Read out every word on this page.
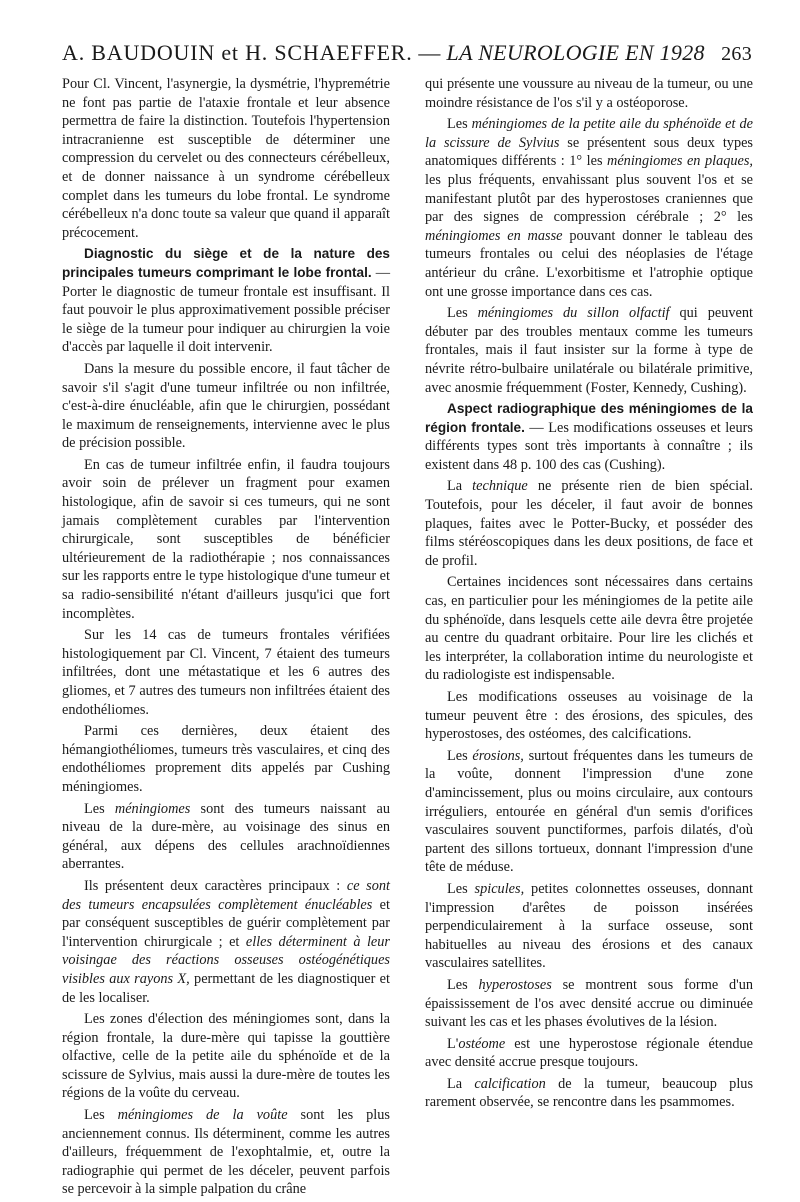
A. BAUDOUIN et H. SCHAEFFER. — LA NEUROLOGIE EN 1928 263

Pour Cl. Vincent, l'asynergie, la dysmétrie, l'hypremétrie ne font pas partie de l'ataxie frontale et leur absence permettra de faire la distinction. Toutefois l'hypertension intracranienne est susceptible de déterminer une compression du cervelet ou des connecteurs cérébelleux, et de donner naissance à un syndrome cérébelleux complet dans les tumeurs du lobe frontal. Le syndrome cérébelleux n'a donc toute sa valeur que quand il apparaît précocement.

Diagnostic du siège et de la nature des principales tumeurs comprimant le lobe frontal. — Porter le diagnostic de tumeur frontale est insuffisant. Il faut pouvoir le plus approximativement possible préciser le siège de la tumeur pour indiquer au chirurgien la voie d'accès par laquelle il doit intervenir.

Dans la mesure du possible encore, il faut tâcher de savoir s'il s'agit d'une tumeur infiltrée ou non infiltrée, c'est-à-dire énucléable, afin que le chirurgien, possédant le maximum de renseignements, intervienne avec le plus de précision possible.

En cas de tumeur infiltrée enfin, il faudra toujours avoir soin de prélever un fragment pour examen histologique, afin de savoir si ces tumeurs, qui ne sont jamais complètement curables par l'intervention chirurgicale, sont susceptibles de bénéficier ultérieurement de la radiothérapie ; nos connaissances sur les rapports entre le type histologique d'une tumeur et sa radio-sensibilité n'étant d'ailleurs jusqu'ici que fort incomplètes.

Sur les 14 cas de tumeurs frontales vérifiées histologiquement par Cl. Vincent, 7 étaient des tumeurs infiltrées, dont une métastatique et les 6 autres des gliomes, et 7 autres des tumeurs non infiltrées étaient des endothéliomes.

Parmi ces dernières, deux étaient des hémangiothéliomes, tumeurs très vasculaires, et cinq des endothéliomes proprement dits appelés par Cushing méningiomes.

Les méningiomes sont des tumeurs naissant au niveau de la dure-mère, au voisinage des sinus en général, aux dépens des cellules arachnoïdiennes aberrantes.

Ils présentent deux caractères principaux : ce sont des tumeurs encapsulées complètement énucléables et par conséquent susceptibles de guérir complètement par l'intervention chirurgicale ; et elles déterminent à leur voisingae des réactions osseuses ostéogénétiques visibles aux rayons X, permettant de les diagnostiquer et de les localiser.

Les zones d'élection des méningiomes sont, dans la région frontale, la dure-mère qui tapisse la gouttière olfactive, celle de la petite aile du sphénoïde et de la scissure de Sylvius, mais aussi la dure-mère de toutes les régions de la voûte du cerveau.

Les méningiomes de la voûte sont les plus anciennement connus. Ils déterminent, comme les autres d'ailleurs, fréquemment de l'exophtalmie, et, outre la radiographie qui permet de les déceler, peuvent parfois se percevoir à la simple palpation du crâne

qui présente une voussure au niveau de la tumeur, ou une moindre résistance de l'os s'il y a ostéoporose.

Les méningiomes de la petite aile du sphénoïde et de la scissure de Sylvius se présentent sous deux types anatomiques différents : 1° les méningiomes en plaques, les plus fréquents, envahissant plus souvent l'os et se manifestant plutôt par des hyperostoses craniennes que par des signes de compression cérébrale ; 2° les méningiomes en masse pouvant donner le tableau des tumeurs frontales ou celui des néoplasies de l'étage antérieur du crâne. L'exorbitisme et l'atrophie optique ont une grosse importance dans ces cas.

Les méningiomes du sillon olfactif qui peuvent débuter par des troubles mentaux comme les tumeurs frontales, mais il faut insister sur la forme à type de névrite rétro-bulbaire unilatérale ou bilatérale primitive, avec anosmie fréquemment (Foster, Kennedy, Cushing).

Aspect radiographique des méningiomes de la région frontale. — Les modifications osseuses et leurs différents types sont très importants à connaître ; ils existent dans 48 p. 100 des cas (Cushing).

La technique ne présente rien de bien spécial. Toutefois, pour les déceler, il faut avoir de bonnes plaques, faites avec le Potter-Bucky, et posséder des films stéréoscopiques dans les deux positions, de face et de profil.

Certaines incidences sont nécessaires dans certains cas, en particulier pour les méningiomes de la petite aile du sphénoïde, dans lesquels cette aile devra être projetée au centre du quadrant orbitaire. Pour lire les clichés et les interpréter, la collaboration intime du neurologiste et du radiologiste est indispensable.

Les modifications osseuses au voisinage de la tumeur peuvent être : des érosions, des spicules, des hyperostoses, des ostéomes, des calcifications.

Les érosions, surtout fréquentes dans les tumeurs de la voûte, donnent l'impression d'une zone d'amincissement, plus ou moins circulaire, aux contours irréguliers, entourée en général d'un semis d'orifices vasculaires souvent punctiformes, parfois dilatés, d'où partent des sillons tortueux, donnant l'impression d'une tête de méduse.

Les spicules, petites colonnettes osseuses, donnant l'impression d'arêtes de poisson insérées perpendiculairement à la surface osseuse, sont habituelles au niveau des érosions et des canaux vasculaires satellites.

Les hyperostoses se montrent sous forme d'un épaississement de l'os avec densité accrue ou diminuée suivant les cas et les phases évolutives de la lésion.

L'ostéome est une hyperostose régionale étendue avec densité accrue presque toujours.

La calcification de la tumeur, beaucoup plus rarement observée, se rencontre dans les psammomes.
